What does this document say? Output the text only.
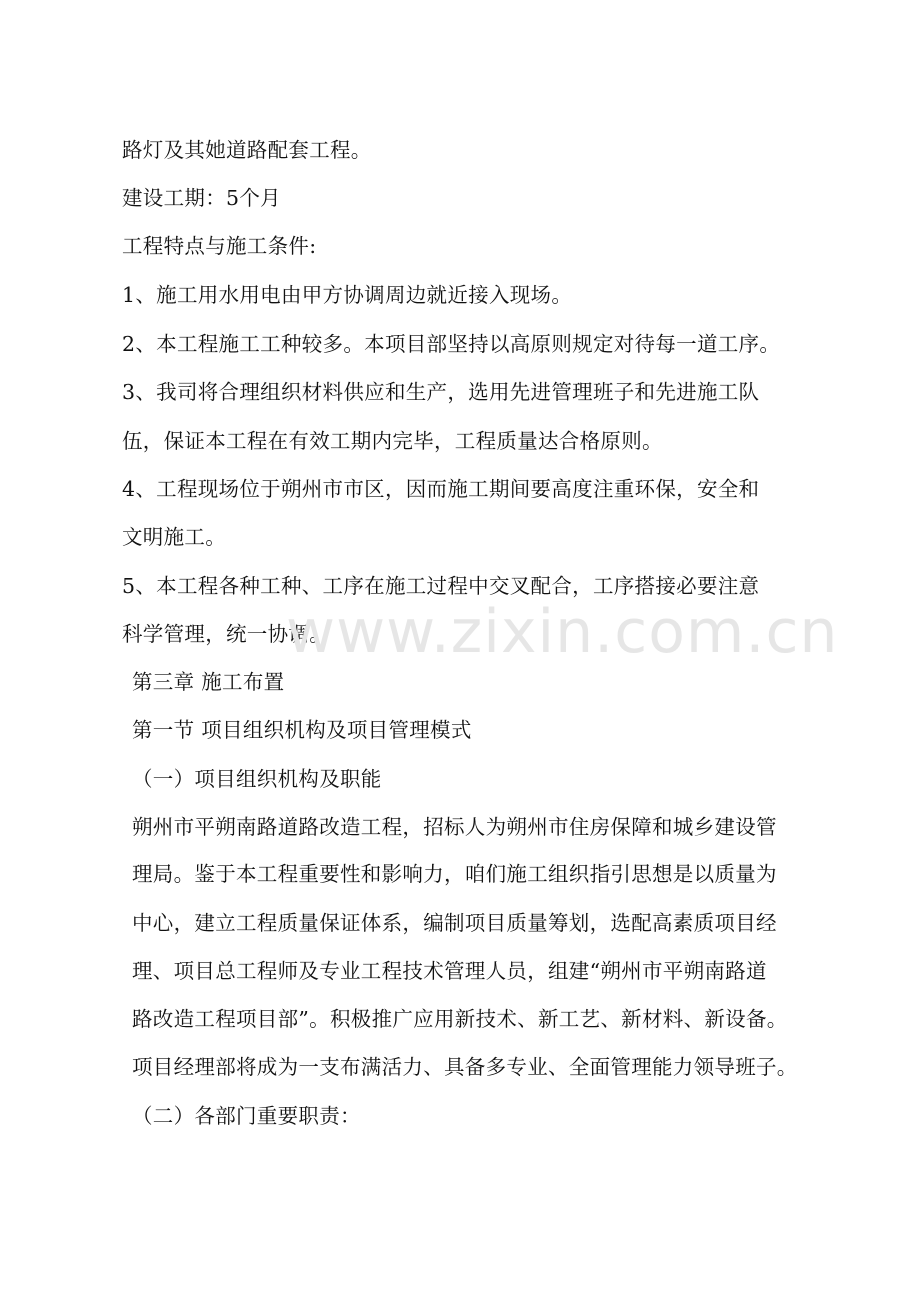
路灯及其她道路配套工程。
建设工期：5个月
工程特点与施工条件:
1、施工用水用电由甲方协调周边就近接入现场。
2、本工程施工工种较多。本项目部坚持以高原则规定对待每一道工序。
3、我司将合理组织材料供应和生产，选用先进管理班子和先进施工队
伍，保证本工程在有效工期内完毕，工程质量达合格原则。
4、工程现场位于朔州市市区，因而施工期间要高度注重环保，安全和
文明施工。
5、本工程各种工种、工序在施工过程中交叉配合，工序搭接必要注意
科学管理，统一协调。
第三章 施工布置
第一节 项目组织机构及项目管理模式
（一）项目组织机构及职能
朔州市平朔南路道路改造工程，招标人为朔州市住房保障和城乡建设管
理局。鉴于本工程重要性和影响力，咱们施工组织指引思想是以质量为
中心，建立工程质量保证体系，编制项目质量筹划，选配高素质项目经
理、项目总工程师及专业工程技术管理人员，组建“朔州市平朔南路道
路改造工程项目部”。积极推广应用新技术、新工艺、新材料、新设备。
项目经理部将成为一支布满活力、具备多专业、全面管理能力领导班子。
（二）各部门重要职责：
www.zixin.com.cn
